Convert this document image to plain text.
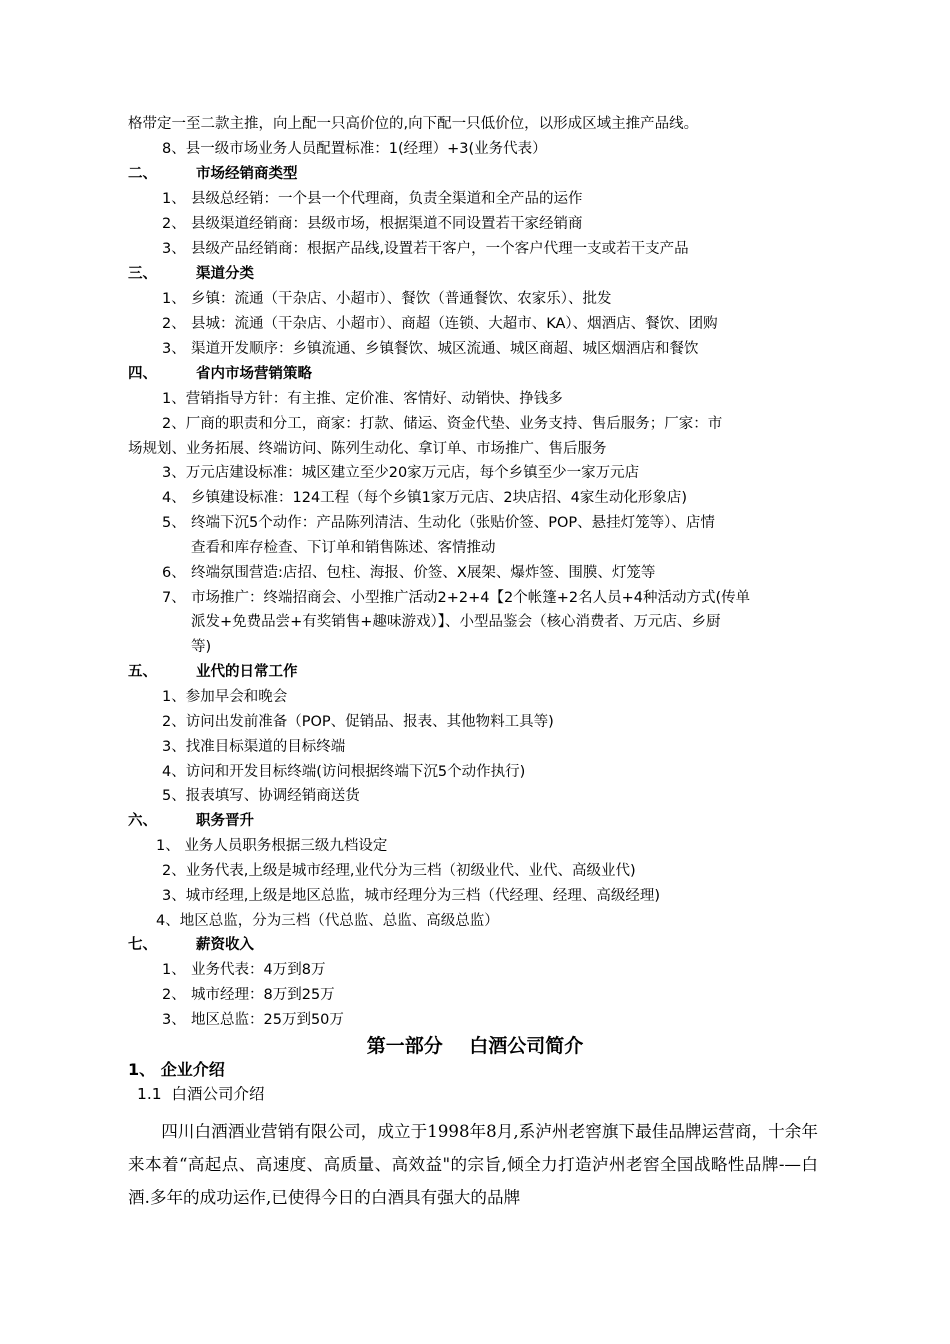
格带定一至二款主推，向上配一只高价位的,向下配一只低价位，以形成区域主推产品线。
8、县一级市场业务人员配置标准：1(经理）+3(业务代表）
二、	市场经销商类型
1、 县级总经销：一个县一个代理商，负责全渠道和全产品的运作
2、 县级渠道经销商：县级市场，根据渠道不同设置若干家经销商
3、 县级产品经销商：根据产品线,设置若干客户，一个客户代理一支或若干支产品
三、	渠道分类
1、 乡镇：流通（干杂店、小超市）、餐饮（普通餐饮、农家乐）、批发
2、 县城：流通（干杂店、小超市）、商超（连锁、大超市、KA）、烟酒店、餐饮、团购
3、 渠道开发顺序：乡镇流通、乡镇餐饮、城区流通、城区商超、城区烟酒店和餐饮
四、	省内市场营销策略
1、营销指导方针：有主推、定价准、客情好、动销快、挣钱多
2、厂商的职责和分工，商家：打款、储运、资金代垫、业务支持、售后服务；厂家：市
场规划、业务拓展、终端访问、陈列生动化、拿订单、市场推广、售后服务
3、万元店建设标准：城区建立至少20家万元店，每个乡镇至少一家万元店
4、 乡镇建设标准：124工程（每个乡镇1家万元店、2块店招、4家生动化形象店)
5、 终端下沉5个动作：产品陈列清洁、生动化（张贴价签、POP、悬挂灯笼等）、店情
查看和库存检查、下订单和销售陈述、客情推动
6、 终端氛围营造:店招、包柱、海报、价签、X展架、爆炸签、围膜、灯笼等
7、 市场推广：终端招商会、小型推广活动2+2+4【2个帐篷+2名人员+4种活动方式(传单
派发+免费品尝+有奖销售+趣味游戏）】、小型品鉴会（核心消费者、万元店、乡厨
等)
五、	业代的日常工作
1、参加早会和晚会
2、访问出发前准备（POP、促销品、报表、其他物料工具等)
3、找准目标渠道的目标终端
4、访问和开发目标终端(访问根据终端下沉5个动作执行)
5、报表填写、协调经销商送货
六、	职务晋升
1、 业务人员职务根据三级九档设定
2、业务代表,上级是城市经理,业代分为三档（初级业代、业代、高级业代)
3、城市经理,上级是地区总监，城市经理分为三档（代经理、经理、高级经理)
4、地区总监，分为三档（代总监、总监、高级总监）
七、	薪资收入
1、 业务代表：4万到8万
2、 城市经理：8万到25万
3、 地区总监：25万到50万
第一部分    白酒公司简介
1、 企业介绍
1.1  白酒公司介绍

四川白酒酒业营销有限公司，成立于1998年8月,系泸州老窖旗下最佳品牌运营商，十余年来本着“高起点、高速度、高质量、高效益"的宗旨,倾全力打造泸州老窖全国战略性品牌-—白酒.多年的成功运作,已使得今日的白酒具有强大的品牌
